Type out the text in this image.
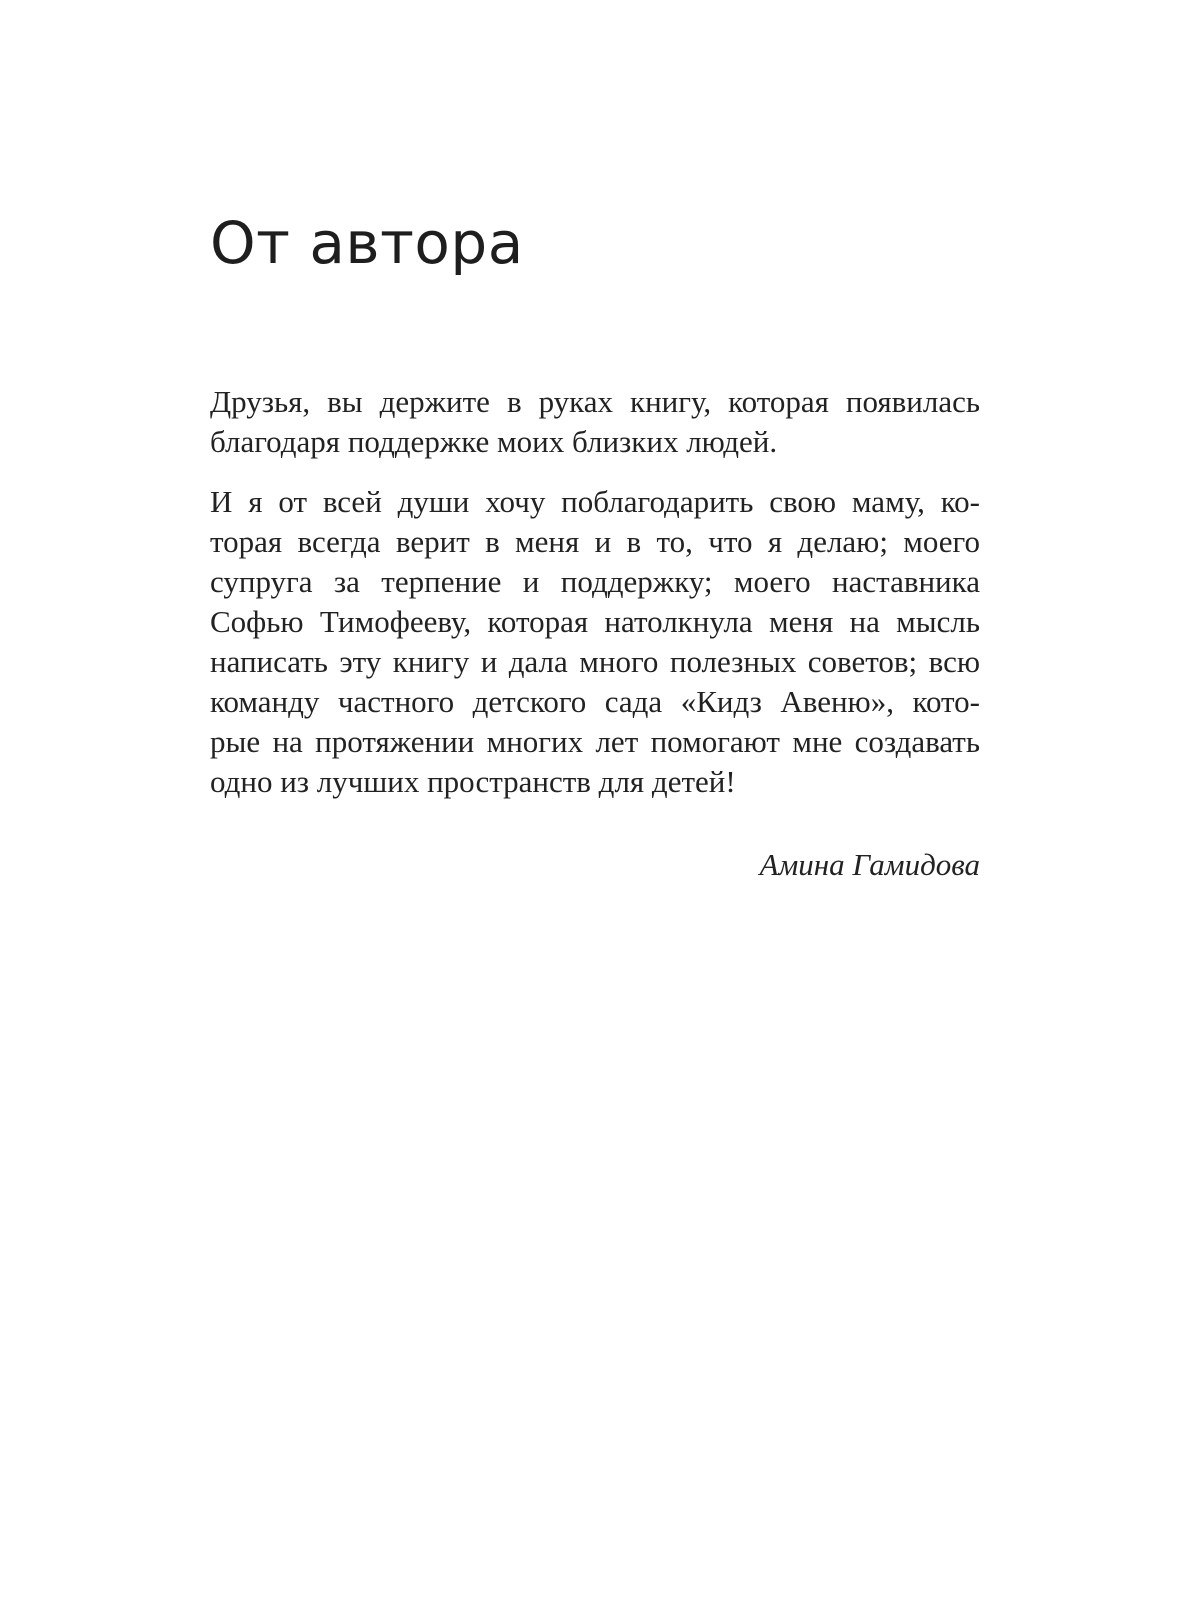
От автора
Друзья, вы держите в руках книгу, которая появилась
благодаря поддержке моих близких людей.
И я от всей души хочу поблагодарить свою маму, ко-
торая всегда верит в меня и в то, что я делаю; моего
супруга за терпение и поддержку; моего наставника
Софью Тимофееву, которая натолкнула меня на мысль
написать эту книгу и дала много полезных советов; всю
команду частного детского сада «Кидз Авеню», кото-
рые на протяжении многих лет помогают мне создавать
одно из лучших пространств для детей!
Амина Гамидова
